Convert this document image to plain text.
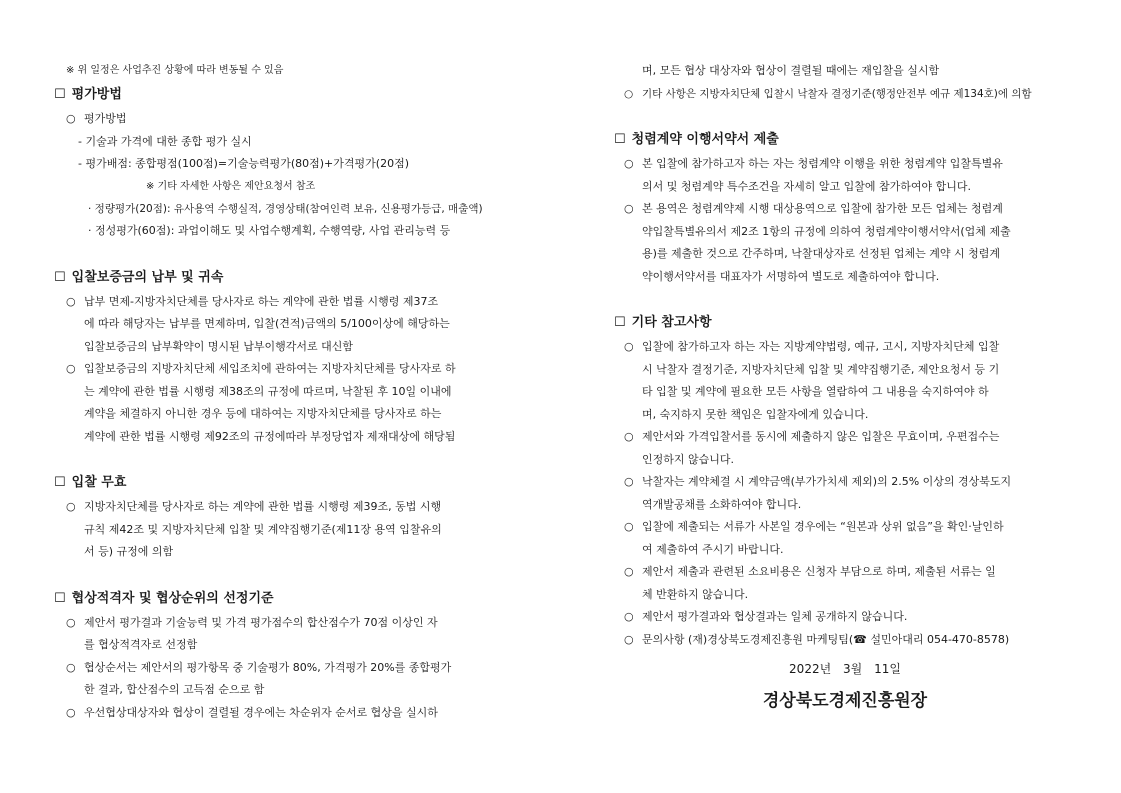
※ 위 일정은 사업추진 상황에 따라 변동될 수 있음
☐ 평가방법
○ 평가방법
- 기술과 가격에 대한 종합 평가 실시
- 평가배점: 종합평점(100점)=기술능력평가(80점)+가격평가(20점)
※ 기타 자세한 사항은 제안요청서 참조
· 정량평가(20점): 유사용역 수행실적, 경영상태(참여인력 보유, 신용평가등급, 매출액)
· 정성평가(60점): 과업이해도 및 사업수행계획, 수행역량, 사업 관리능력 등
☐ 입찰보증금의 납부 및 귀속
○ 납부 면제-지방자치단체를 당사자로 하는 계약에 관한 법률 시행령 제37조
에 따라 해당자는 납부를 면제하며, 입찰(견적)금액의 5/100이상에 해당하는
입찰보증금의 납부확약이 명시된 납부이행각서로 대신함
○ 입찰보증금의 지방자치단체 세입조치에 관하여는 지방자치단체를 당사자로 하
는 계약에 관한 법률 시행령 제38조의 규정에 따르며, 낙찰된 후 10일 이내에
계약을 체결하지 아니한 경우 등에 대하여는 지방자치단체를 당사자로 하는
계약에 관한 법률 시행령 제92조의 규정에따라 부정당업자 제재대상에 해당됨
☐ 입찰 무효
○ 지방자치단체를 당사자로 하는 계약에 관한 법률 시행령 제39조, 동법 시행
규칙 제42조 및 지방자치단체 입찰 및 계약집행기준(제11장 용역 입찰유의
서 등) 규정에 의함
☐ 협상적격자 및 협상순위의 선정기준
○ 제안서 평가결과 기술능력 및 가격 평가점수의 합산점수가 70점 이상인 자
를 협상적격자로 선정함
○ 협상순서는 제안서의 평가항목 중 기술평가 80%, 가격평가 20%를 종합평가
한 결과, 합산점수의 고득점 순으로 함
○ 우선협상대상자와 협상이 결렬될 경우에는 차순위자 순서로 협상을 실시하
며, 모든 협상 대상자와 협상이 결렬될 때에는 재입찰을 실시함
○ 기타 사항은 지방자치단체 입찰시 낙찰자 결정기준(행정안전부 예규 제134호)에 의함
☐ 청렴계약 이행서약서 제출
○ 본 입찰에 참가하고자 하는 자는 청렴계약 이행을 위한 청렴계약 입찰특별유
의서 및 청렴계약 특수조건을 자세히 알고 입찰에 참가하여야 합니다.
○ 본 용역은 청렴계약제 시행 대상용역으로 입찰에 참가한 모든 업체는 청렴계
약입찰특별유의서 제2조 1항의 규정에 의하여 청렴계약이행서약서(업체 제출
용)를 제출한 것으로 간주하며, 낙찰대상자로 선정된 업체는 계약 시 청렴계
약이행서약서를 대표자가 서명하여 별도로 제출하여야 합니다.
☐ 기타 참고사항
○ 입찰에 참가하고자 하는 자는 지방계약법령, 예규, 고시, 지방자치단체 입찰
시 낙찰자 결정기준, 지방자치단체 입찰 및 계약집행기준, 제안요청서 등 기
타 입찰 및 계약에 필요한 모든 사항을 열람하여 그 내용을 숙지하여야 하
며, 숙지하지 못한 책임은 입찰자에게 있습니다.
○ 제안서와 가격입찰서를 동시에 제출하지 않은 입찰은 무효이며, 우편접수는
인정하지 않습니다.
○ 낙찰자는 계약체결 시 계약금액(부가가치세 제외)의 2.5% 이상의 경상북도지
역개발공채를 소화하여야 합니다.
○ 입찰에 제출되는 서류가 사본일 경우에는 “원본과 상위 없음”을 확인·날인하
여 제출하여 주시기 바랍니다.
○ 제안서 제출과 관련된 소요비용은 신청자 부담으로 하며, 제출된 서류는 일
체 반환하지 않습니다.
○ 제안서 평가결과와 협상결과는 일체 공개하지 않습니다.
○ 문의사항 (재)경상북도경제진흥원 마케팅팀(☎ 설민아대리 054-470-8578)
2022년 3월 11일
경상북도경제진흥원장
